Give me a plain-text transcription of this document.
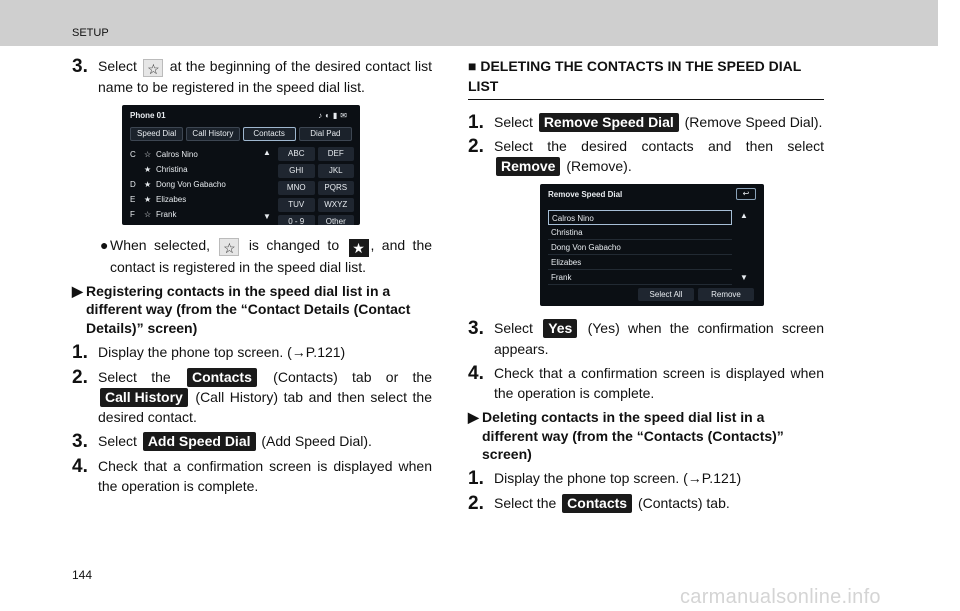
SETUP
3. Select ☆ at the beginning of the desired contact list name to be registered in the speed dial list.
Phone 01	♪◐▮✉
Speed Dial	Call History	Contacts	Dial Pad
C	☆ Calros Nino
★ Christina
D	★ Dong Von Gabacho
E	★ Elizabes
F	☆ Frank
▲
▼
ABC	DEF
GHI	JKL
MNO	PQRS
TUV	WXYZ
0 - 9	Other
● When selected, ☆ is changed to ★ , and the contact is registered in the speed dial list.
▶ Registering contacts in the speed dial list in a different way (from the “Contact Details (Contact Details)” screen)
1. Display the phone top screen. (→P.121)
2. Select the Contacts (Contacts) tab or the Call History (Call History) tab and then select the desired contact.
3. Select Add Speed Dial (Add Speed Dial).
4. Check that a confirmation screen is displayed when the operation is complete.
■ DELETING THE CONTACTS IN THE SPEED DIAL LIST
1. Select Remove Speed Dial (Remove Speed Dial).
2. Select the desired contacts and then select Remove (Remove).
Remove Speed Dial	↩
Calros Nino
Christina
Dong Von Gabacho
Elizabes
Frank
▲
▼
Select All	Remove
3. Select Yes (Yes) when the confirmation screen appears.
4. Check that a confirmation screen is displayed when the operation is complete.
▶ Deleting contacts in the speed dial list in a different way (from the “Contacts (Contacts)” screen)
1. Display the phone top screen. (→P.121)
2. Select the Contacts (Contacts) tab.
144
carmanualsonline.info
